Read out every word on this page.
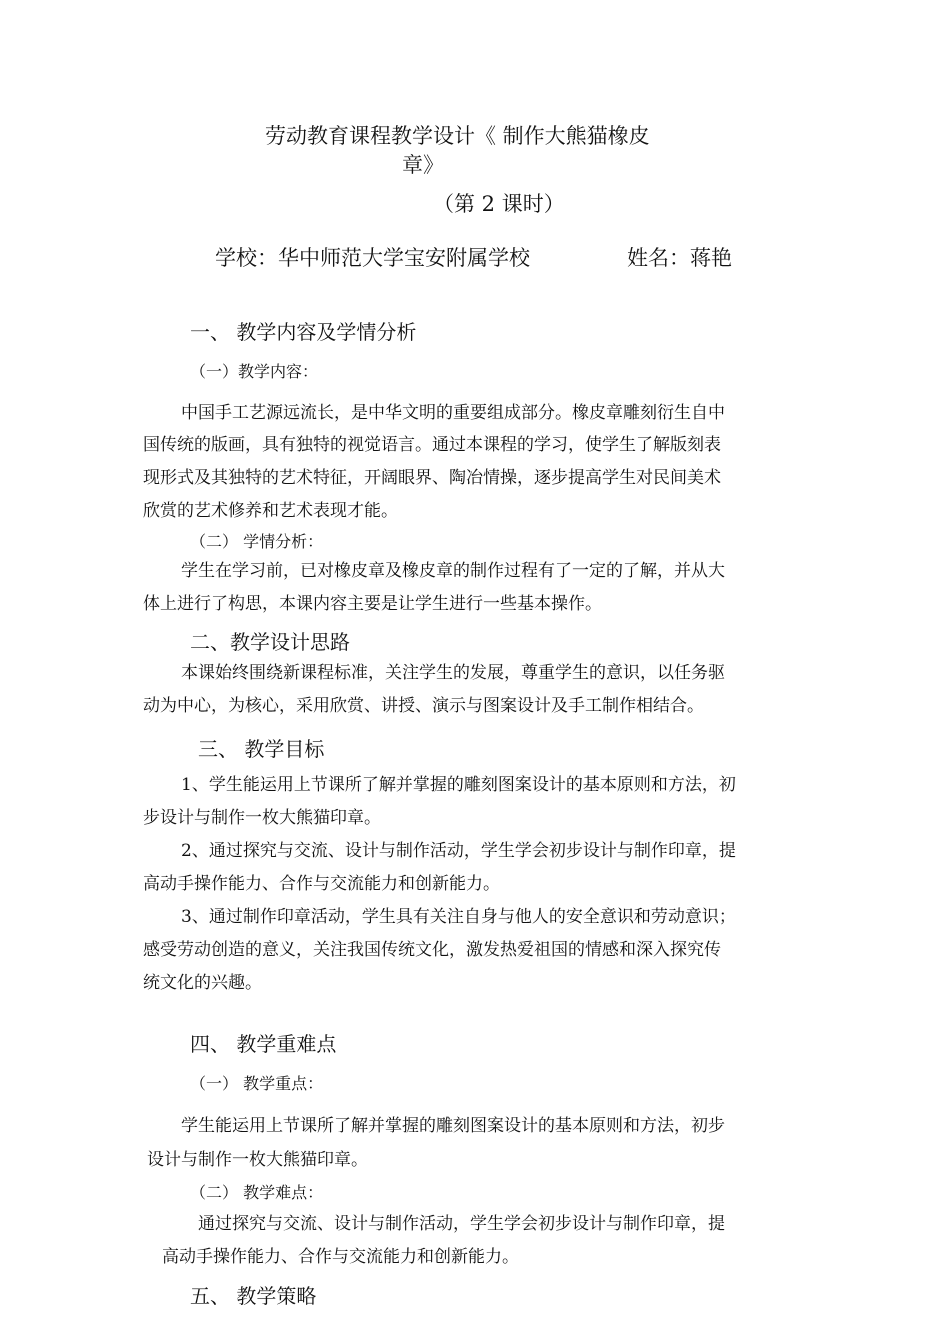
劳动教育课程教学设计《 制作大熊猫橡皮
章》
（第 2 课时）
学校：华中师范大学宝安附属学校	姓名：蒋艳
一、 教学内容及学情分析
（一）教学内容：
中国手工艺源远流长，是中华文明的重要组成部分。橡皮章雕刻衍生自中
国传统的版画，具有独特的视觉语言。通过本课程的学习，使学生了解版刻表
现形式及其独特的艺术特征，开阔眼界、陶冶情操，逐步提高学生对民间美术
欣赏的艺术修养和艺术表现才能。
（二） 学情分析：
学生在学习前，已对橡皮章及橡皮章的制作过程有了一定的了解，并从大
体上进行了构思，本课内容主要是让学生进行一些基本操作。
二、教学设计思路
本课始终围绕新课程标准，关注学生的发展，尊重学生的意识，以任务驱
动为中心，为核心，采用欣赏、讲授、演示与图案设计及手工制作相结合。
三、 教学目标
1、学生能运用上节课所了解并掌握的雕刻图案设计的基本原则和方法，初
步设计与制作一枚大熊猫印章。
2、通过探究与交流、设计与制作活动，学生学会初步设计与制作印章，提
高动手操作能力、合作与交流能力和创新能力。
3、通过制作印章活动，学生具有关注自身与他人的安全意识和劳动意识；
感受劳动创造的意义，关注我国传统文化，激发热爱祖国的情感和深入探究传
统文化的兴趣。
四、 教学重难点
（一） 教学重点：
学生能运用上节课所了解并掌握的雕刻图案设计的基本原则和方法，初步
设计与制作一枚大熊猫印章。
（二） 教学难点：
通过探究与交流、设计与制作活动，学生学会初步设计与制作印章，提
高动手操作能力、合作与交流能力和创新能力。
五、 教学策略
